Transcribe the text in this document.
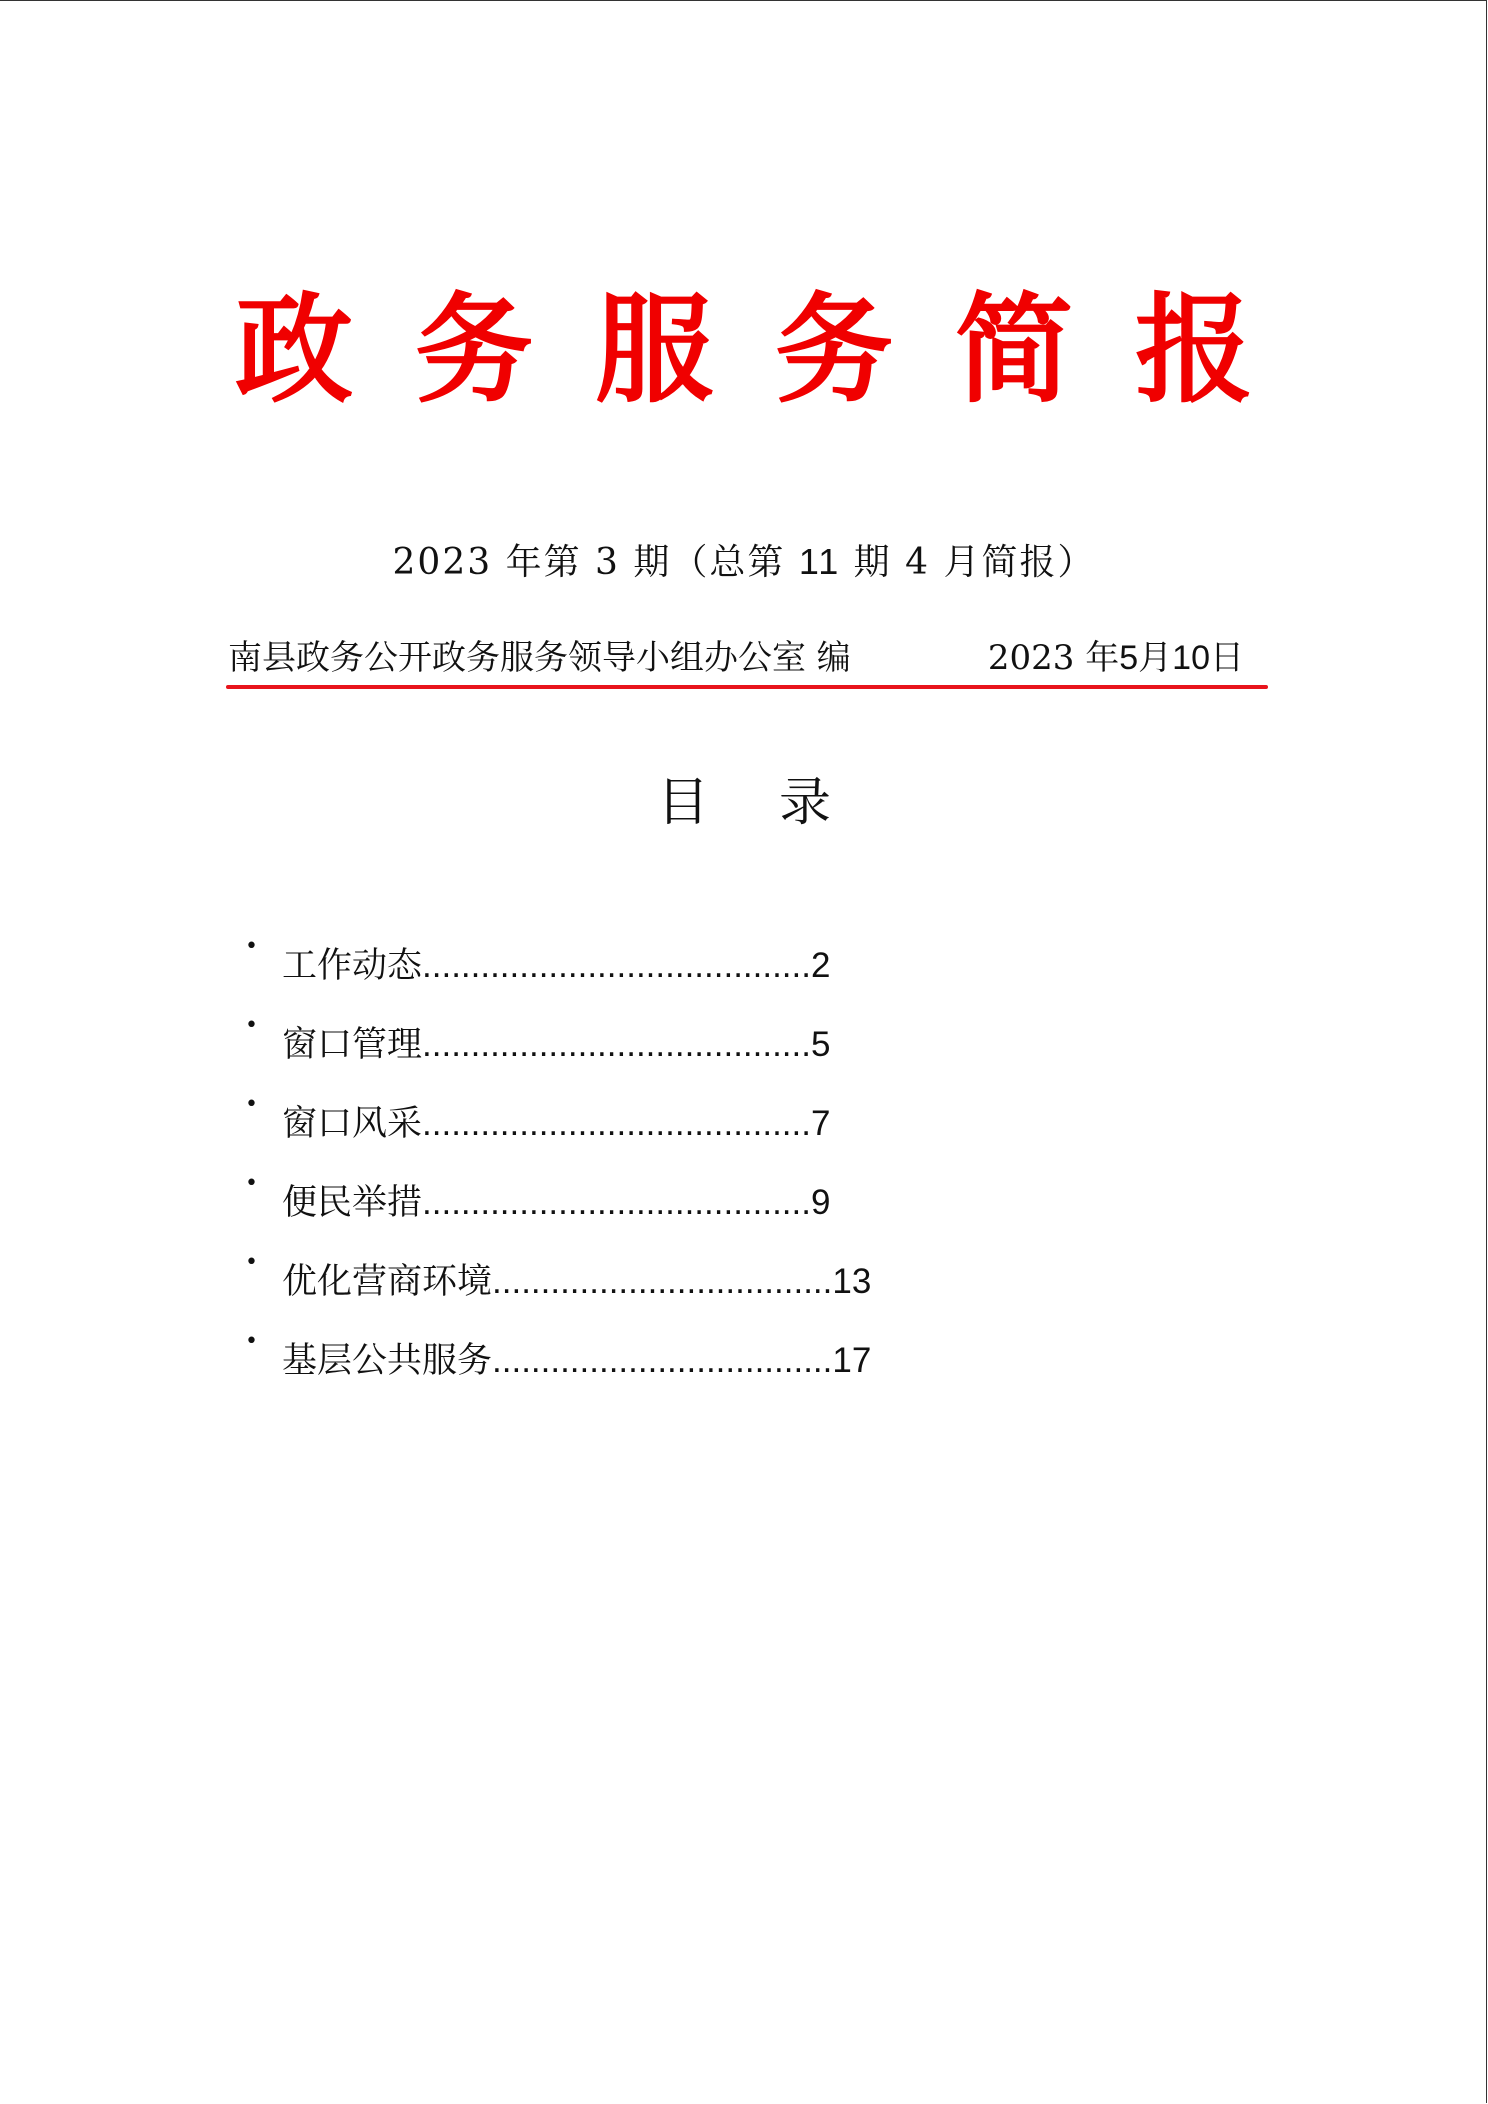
政务服务简报
2023 年第 3 期（总第 11 期 4 月简报）
南县政务公开政务服务领导小组办公室 编	2023 年5月10日
目录
• 工作动态........................................2
• 窗口管理........................................5
• 窗口风采........................................7
• 便民举措........................................9
• 优化营商环境...................................13
• 基层公共服务...................................17
